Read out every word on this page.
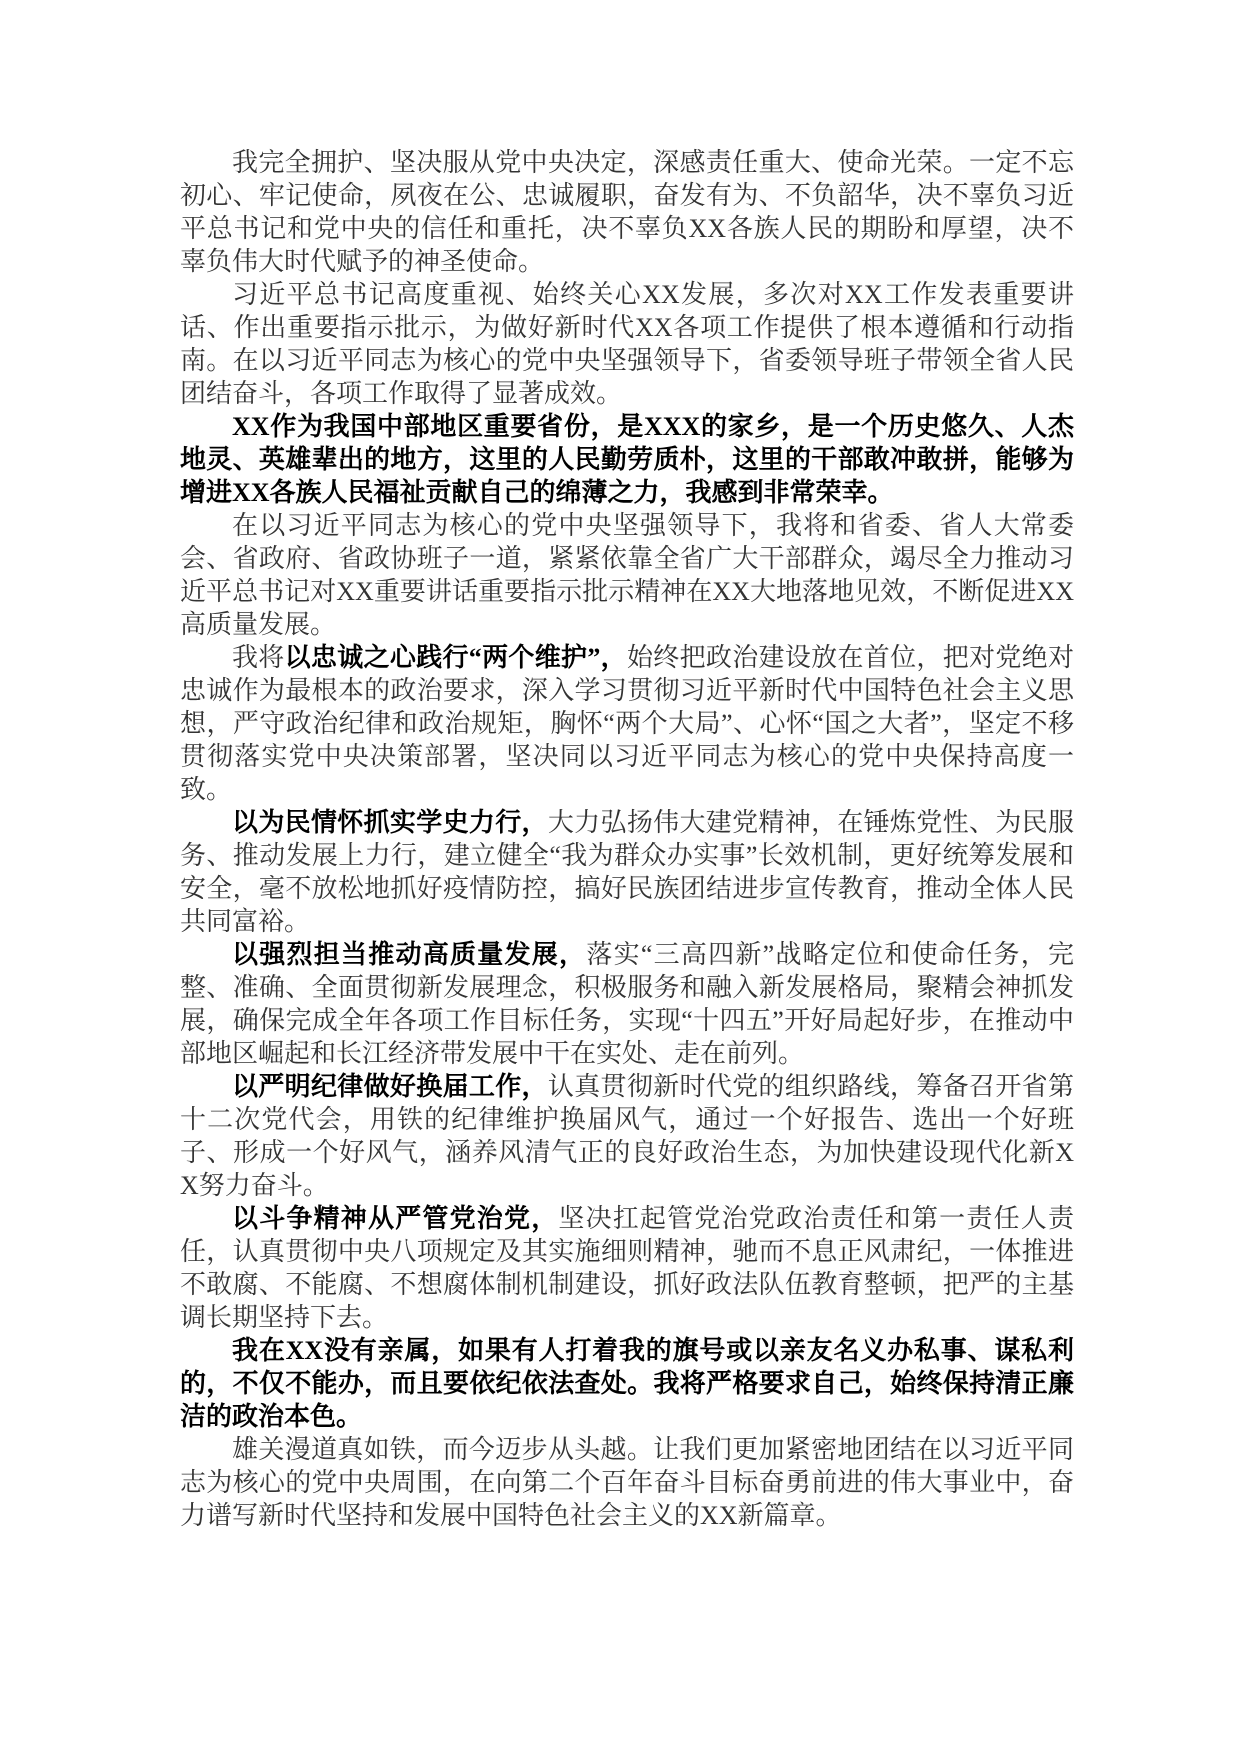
我完全拥护、坚决服从党中央决定，深感责任重大、使命光荣。一定不忘初心、牢记使命，夙夜在公、忠诚履职，奋发有为、不负韶华，决不辜负习近平总书记和党中央的信任和重托，决不辜负XX各族人民的期盼和厚望，决不辜负伟大时代赋予的神圣使命。

习近平总书记高度重视、始终关心XX发展，多次对XX工作发表重要讲话、作出重要指示批示，为做好新时代XX各项工作提供了根本遵循和行动指南。在以习近平同志为核心的党中央坚强领导下，省委领导班子带领全省人民团结奋斗，各项工作取得了显著成效。

XX作为我国中部地区重要省份，是XXX的家乡，是一个历史悠久、人杰地灵、英雄辈出的地方，这里的人民勤劳质朴，这里的干部敢冲敢拼，能够为增进XX各族人民福祉贡献自己的绵薄之力，我感到非常荣幸。

在以习近平同志为核心的党中央坚强领导下，我将和省委、省人大常委会、省政府、省政协班子一道，紧紧依靠全省广大干部群众，竭尽全力推动习近平总书记对XX重要讲话重要指示批示精神在XX大地落地见效，不断促进XX高质量发展。

我将以忠诚之心践行“两个维护”，始终把政治建设放在首位，把对党绝对忠诚作为最根本的政治要求，深入学习贯彻习近平新时代中国特色社会主义思想，严守政治纪律和政治规矩，胸怀“两个大局”、心怀“国之大者”，坚定不移贯彻落实党中央决策部署，坚决同以习近平同志为核心的党中央保持高度一致。

以为民情怀抓实学史力行，大力弘扬伟大建党精神，在锤炼党性、为民服务、推动发展上力行，建立健全“我为群众办实事”长效机制，更好统筹发展和安全，毫不放松地抓好疫情防控，搞好民族团结进步宣传教育，推动全体人民共同富裕。

以强烈担当推动高质量发展，落实“三高四新”战略定位和使命任务，完整、准确、全面贯彻新发展理念，积极服务和融入新发展格局，聚精会神抓发展，确保完成全年各项工作目标任务，实现“十四五”开好局起好步，在推动中部地区崛起和长江经济带发展中干在实处、走在前列。

以严明纪律做好换届工作，认真贯彻新时代党的组织路线，筹备召开省第十二次党代会，用铁的纪律维护换届风气，通过一个好报告、选出一个好班子、形成一个好风气，涵养风清气正的良好政治生态，为加快建设现代化新XX努力奋斗。

以斗争精神从严管党治党，坚决扛起管党治党政治责任和第一责任人责任，认真贯彻中央八项规定及其实施细则精神，驰而不息正风肃纪，一体推进不敢腐、不能腐、不想腐体制机制建设，抓好政法队伍教育整顿，把严的主基调长期坚持下去。

我在XX没有亲属，如果有人打着我的旗号或以亲友名义办私事、谋私利的，不仅不能办，而且要依纪依法查处。我将严格要求自己，始终保持清正廉洁的政治本色。

雄关漫道真如铁，而今迈步从头越。让我们更加紧密地团结在以习近平同志为核心的党中央周围，在向第二个百年奋斗目标奋勇前进的伟大事业中，奋力谱写新时代坚持和发展中国特色社会主义的XX新篇章。
